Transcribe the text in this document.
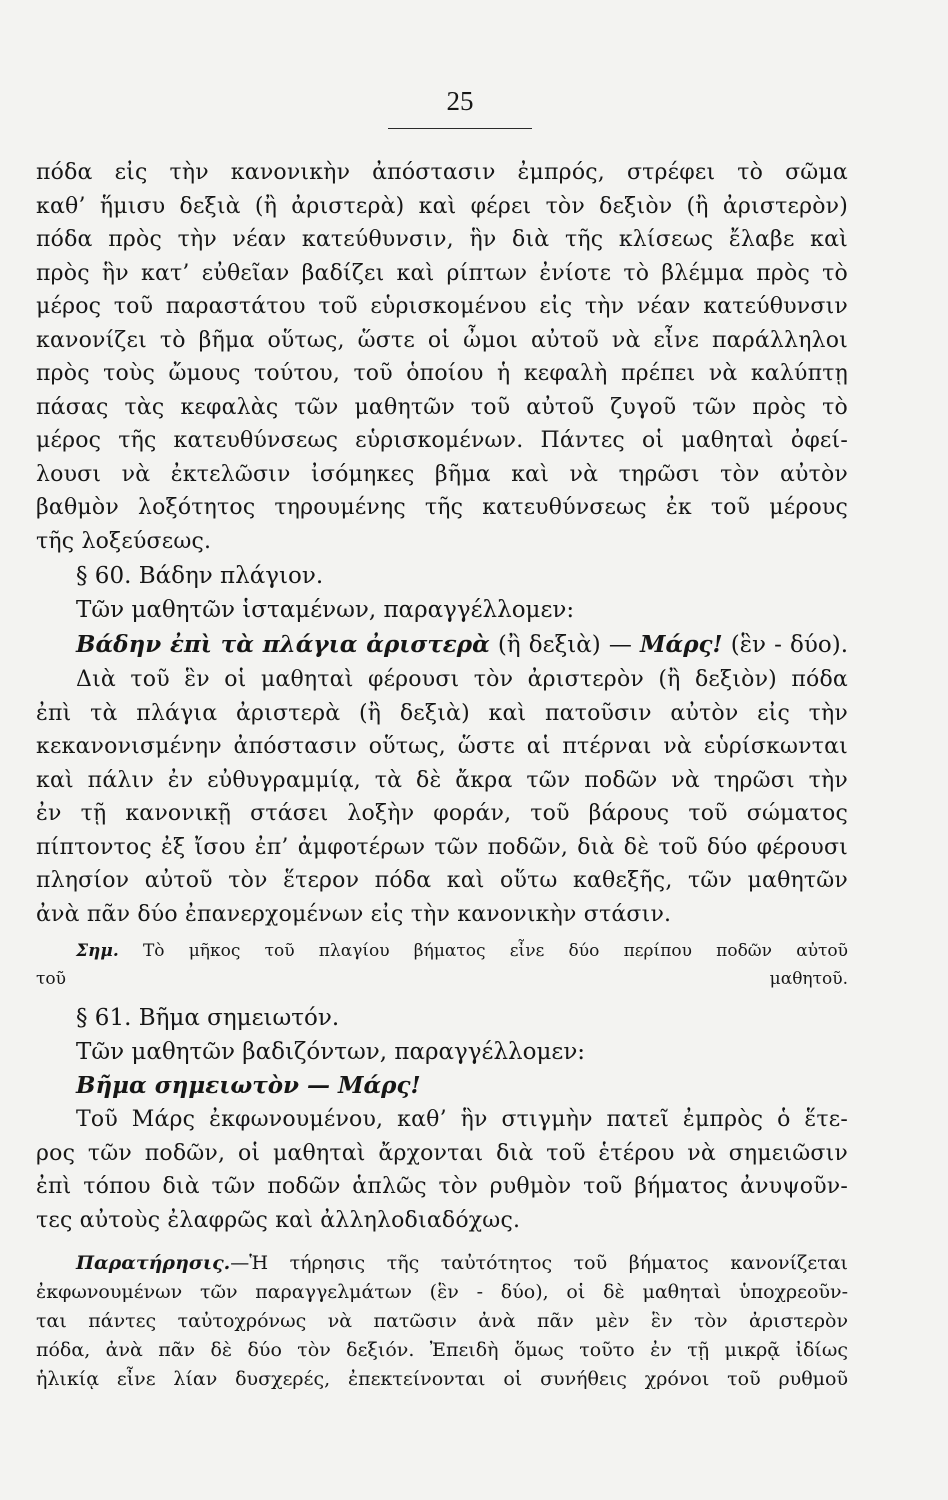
25

πόδα εἰς τὴν κανονικὴν ἀπόστασιν ἐμπρός, στρέφει τὸ σῶμα

καθ’ ἥμισυ δεξιὰ (ἢ ἀριστερὰ) καὶ φέρει τὸν δεξιὸν (ἢ ἀριστερὸν)

πόδα πρὸς τὴν νέαν κατεύθυνσιν, ἣν διὰ τῆς κλίσεως ἔλαβε καὶ

πρὸς ἣν κατ’ εὐθεῖαν βαδίζει καὶ ρίπτων ἐνίοτε τὸ βλέμμα πρὸς τὸ

μέρος τοῦ παραστάτου τοῦ εὑρισκομένου εἰς τὴν νέαν κατεύθυνσιν

κανονίζει τὸ βῆμα οὕτως, ὥστε οἱ ὦμοι αὐτοῦ νὰ εἶνε παράλληλοι

πρὸς τοὺς ὤμους τούτου, τοῦ ὁποίου ἡ κεφαλὴ πρέπει νὰ καλύπτῃ

πάσας τὰς κεφαλὰς τῶν μαθητῶν τοῦ αὐτοῦ ζυγοῦ τῶν πρὸς τὸ

μέρος τῆς κατευθύνσεως εὑρισκομένων. Πάντες οἱ μαθηταὶ ὀφεί-

λουσι νὰ ἐκτελῶσιν ἰσόμηκες βῆμα καὶ νὰ τηρῶσι τὸν αὐτὸν

βαθμὸν λοξότητος τηρουμένης τῆς κατευθύνσεως ἐκ τοῦ μέρους

τῆς λοξεύσεως.

§ 60. Βάδην πλάγιον.

Τῶν μαθητῶν ἱσταμένων, παραγγέλλομεν:

Βάδην ἐπὶ τὰ πλάγια ἀριστερὰ (ἢ δεξιὰ) — Μάρς! (ἓν - δύο).

Διὰ τοῦ ἓν οἱ μαθηταὶ φέρουσι τὸν ἀριστερὸν (ἢ δεξιὸν) πόδα

ἐπὶ τὰ πλάγια ἀριστερὰ (ἢ δεξιὰ) καὶ πατοῦσιν αὐτὸν εἰς τὴν

κεκανονισμένην ἀπόστασιν οὕτως, ὥστε αἱ πτέρναι νὰ εὑρίσκωνται

καὶ πάλιν ἐν εὐθυγραμμίᾳ, τὰ δὲ ἄκρα τῶν ποδῶν νὰ τηρῶσι τὴν

ἐν τῇ κανονικῇ στάσει λοξὴν φοράν, τοῦ βάρους τοῦ σώματος

πίπτοντος ἐξ ἴσου ἐπ’ ἀμφοτέρων τῶν ποδῶν, διὰ δὲ τοῦ δύο φέρουσι

πλησίον αὐτοῦ τὸν ἕτερον πόδα καὶ οὕτω καθεξῆς, τῶν μαθητῶν

ἀνὰ πᾶν δύο ἐπανερχομένων εἰς τὴν κανονικὴν στάσιν.

Σημ. Τὸ μῆκος τοῦ πλαγίου βήματος εἶνε δύο περίπου ποδῶν αὐτοῦ

τοῦ μαθητοῦ.

§ 61. Βῆμα σημειωτόν.

Τῶν μαθητῶν βαδιζόντων, παραγγέλλομεν:

Βῆμα σημειωτὸν — Μάρς!

Τοῦ Μάρς ἐκφωνουμένου, καθ’ ἣν στιγμὴν πατεῖ ἐμπρὸς ὁ ἕτε-

ρος τῶν ποδῶν, οἱ μαθηταὶ ἄρχονται διὰ τοῦ ἑτέρου νὰ σημειῶσιν

ἐπὶ τόπου διὰ τῶν ποδῶν ἁπλῶς τὸν ρυθμὸν τοῦ βήματος ἀνυψοῦν-

τες αὐτοὺς ἐλαφρῶς καὶ ἀλληλοδιαδόχως.

Παρατήρησις.—Ἡ τήρησις τῆς ταὐτότητος τοῦ βήματος κανονίζεται

ἐκφωνουμένων τῶν παραγγελμάτων (ἓν - δύο), οἱ δὲ μαθηταὶ ὑποχρεοῦν-

ται πάντες ταὐτοχρόνως νὰ πατῶσιν ἀνὰ πᾶν μὲν ἓν τὸν ἀριστερὸν

πόδα, ἀνὰ πᾶν δὲ δύο τὸν δεξιόν. Ἐπειδὴ ὅμως τοῦτο ἐν τῇ μικρᾷ ἰδίως

ἡλικίᾳ εἶνε λίαν δυσχερές, ἐπεκτείνονται οἱ συνήθεις χρόνοι τοῦ ρυθμοῦ
